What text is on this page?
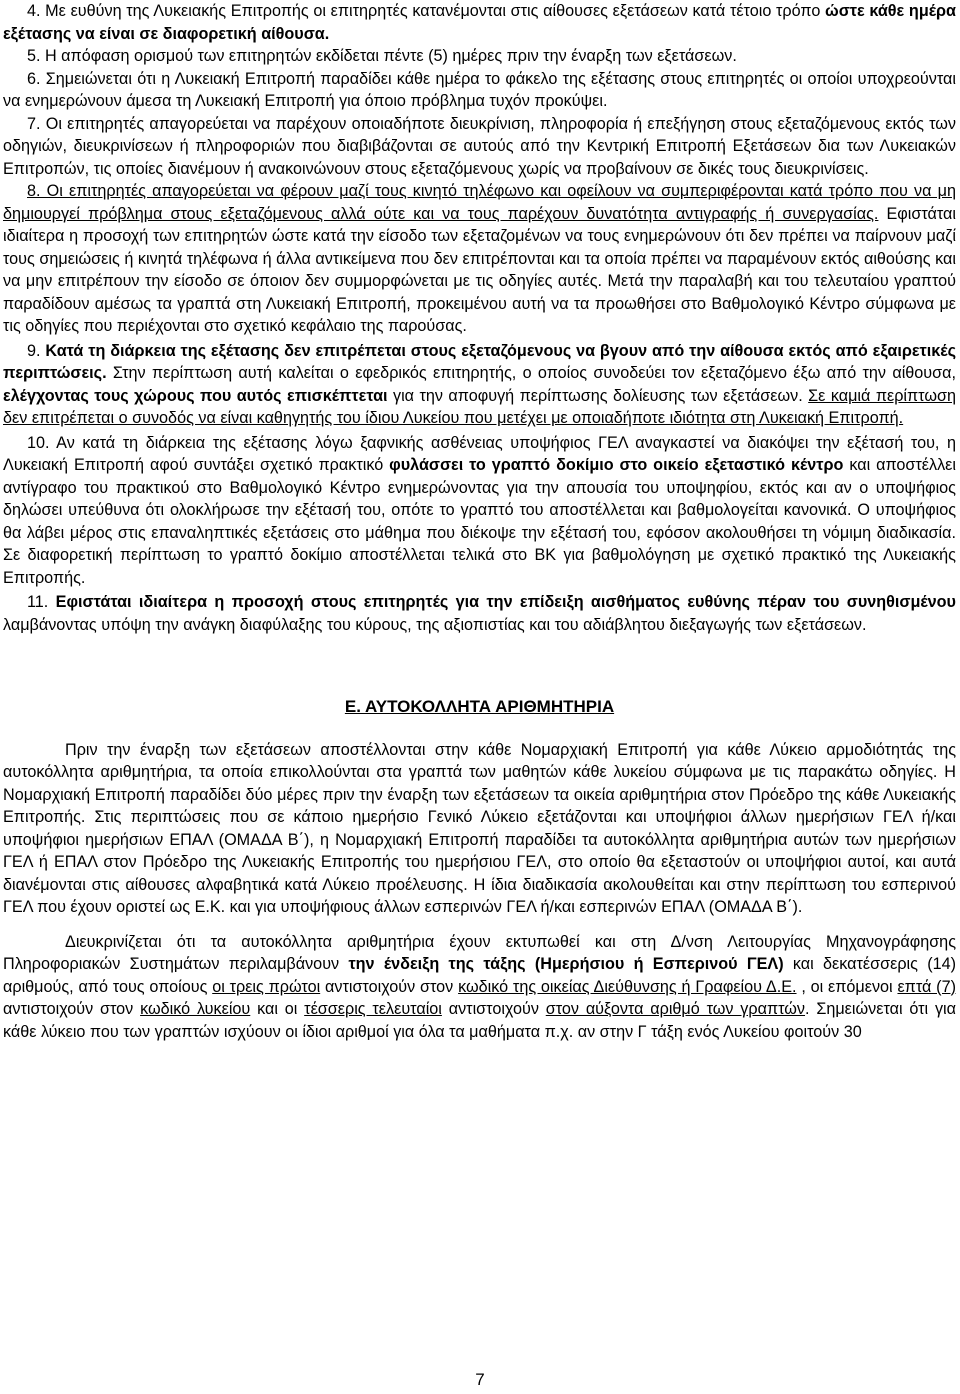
4. Με ευθύνη της Λυκειακής Επιτροπής οι επιτηρητές κατανέμονται στις αίθουσες εξετάσεων κατά τέτοιο τρόπο ώστε κάθε ημέρα εξέτασης να είναι σε διαφορετική αίθουσα.

5. Η απόφαση ορισμού των επιτηρητών εκδίδεται πέντε (5) ημέρες πριν την έναρξη των εξετάσεων.

6. Σημειώνεται ότι η Λυκειακή Επιτροπή παραδίδει κάθε ημέρα το φάκελο της εξέτασης στους επιτηρητές οι οποίοι υποχρεούνται να ενημερώνουν άμεσα τη Λυκειακή Επιτροπή για όποιο πρόβλημα τυχόν προκύψει.

7. Οι επιτηρητές απαγορεύεται να παρέχουν οποιαδήποτε διευκρίνιση, πληροφορία ή επεξήγηση στους εξεταζόμενους εκτός των οδηγιών, διευκρινίσεων ή πληροφοριών που διαβιβάζονται σε αυτούς από την Κεντρική Επιτροπή Εξετάσεων δια των Λυκειακών Επιτροπών, τις οποίες διανέμουν ή ανακοινώνουν στους εξεταζόμενους χωρίς να προβαίνουν σε δικές τους διευκρινίσεις.

8. Οι επιτηρητές απαγορεύεται να φέρουν μαζί τους κινητό τηλέφωνο και οφείλουν να συμπεριφέρονται κατά τρόπο που να μη δημιουργεί πρόβλημα στους εξεταζόμενους αλλά ούτε και να τους παρέχουν δυνατότητα αντιγραφής ή συνεργασίας. Εφιστάται ιδιαίτερα η προσοχή των επιτηρητών ώστε κατά την είσοδο των εξεταζομένων να τους ενημερώνουν ότι δεν πρέπει να παίρνουν μαζί τους σημειώσεις ή κινητά τηλέφωνα ή άλλα αντικείμενα που δεν επιτρέπονται και τα οποία πρέπει να παραμένουν εκτός αιθούσης και να μην επιτρέπουν την είσοδο σε όποιον δεν συμμορφώνεται με τις οδηγίες αυτές. Μετά την παραλαβή και του τελευταίου γραπτού παραδίδουν αμέσως τα γραπτά στη Λυκειακή Επιτροπή, προκειμένου αυτή να τα προωθήσει στο Βαθμολογικό Κέντρο σύμφωνα με τις οδηγίες που περιέχονται στο σχετικό κεφάλαιο της παρούσας.

9. Κατά τη διάρκεια της εξέτασης δεν επιτρέπεται στους εξεταζόμενους να βγουν από την αίθουσα εκτός από εξαιρετικές περιπτώσεις. Στην περίπτωση αυτή καλείται ο εφεδρικός επιτηρητής, ο οποίος συνοδεύει τον εξεταζόμενο έξω από την αίθουσα, ελέγχοντας τους χώρους που αυτός επισκέπτεται για την αποφυγή περίπτωσης δολίευσης των εξετάσεων. Σε καμιά περίπτωση δεν επιτρέπεται ο συνοδός να είναι καθηγητής του ίδιου Λυκείου που μετέχει με οποιαδήποτε ιδιότητα στη Λυκειακή Επιτροπή.

10. Αν κατά τη διάρκεια της εξέτασης λόγω ξαφνικής ασθένειας υποψήφιος ΓΕΛ αναγκαστεί να διακόψει την εξέτασή του, η Λυκειακή Επιτροπή αφού συντάξει σχετικό πρακτικό φυλάσσει το γραπτό δοκίμιο στο οικείο εξεταστικό κέντρο και αποστέλλει αντίγραφο του πρακτικού στο Βαθμολογικό Κέντρο ενημερώνοντας για την απουσία του υποψηφίου, εκτός και αν ο υποψήφιος δηλώσει υπεύθυνα ότι ολοκλήρωσε την εξέτασή του, οπότε το γραπτό του αποστέλλεται και βαθμολογείται κανονικά. Ο υποψήφιος θα λάβει μέρος στις επαναληπτικές εξετάσεις στο μάθημα που διέκοψε την εξέτασή του, εφόσον ακολουθήσει τη νόμιμη διαδικασία. Σε διαφορετική περίπτωση το γραπτό δοκίμιο αποστέλλεται τελικά στο ΒΚ για βαθμολόγηση με σχετικό πρακτικό της Λυκειακής Επιτροπής.

11. Εφιστάται ιδιαίτερα η προσοχή στους επιτηρητές για την επίδειξη αισθήματος ευθύνης πέραν του συνηθισμένου λαμβάνοντας υπόψη την ανάγκη διαφύλαξης του κύρους, της αξιοπιστίας και του αδιάβλητου διεξαγωγής των εξετάσεων.

Ε. ΑΥΤΟΚΟΛΛΗΤΑ ΑΡΙΘΜΗΤΗΡΙΑ

Πριν την έναρξη των εξετάσεων αποστέλλονται στην κάθε Νομαρχιακή Επιτροπή για κάθε Λύκειο αρμοδιότητάς της αυτοκόλλητα αριθμητήρια, τα οποία επικολλούνται στα γραπτά των μαθητών κάθε λυκείου σύμφωνα με τις παρακάτω οδηγίες. Η Νομαρχιακή Επιτροπή παραδίδει δύο μέρες πριν την έναρξη των εξετάσεων τα οικεία αριθμητήρια στον Πρόεδρο της κάθε Λυκειακής Επιτροπής. Στις περιπτώσεις που σε κάποιο ημερήσιο Γενικό Λύκειο εξετάζονται και υποψήφιοι άλλων ημερήσιων ΓΕΛ ή/και υποψήφιοι ημερήσιων ΕΠΑΛ (ΟΜΑΔΑ Β΄), η Νομαρχιακή Επιτροπή παραδίδει τα αυτοκόλλητα αριθμητήρια αυτών των ημερήσιων ΓΕΛ ή ΕΠΑΛ στον Πρόεδρο της Λυκειακής Επιτροπής του ημερήσιου ΓΕΛ, στο οποίο θα εξεταστούν οι υποψήφιοι αυτοί, και αυτά διανέμονται στις αίθουσες αλφαβητικά κατά Λύκειο προέλευσης. Η ίδια διαδικασία ακολουθείται και στην περίπτωση του εσπερινού ΓΕΛ που έχουν οριστεί ως Ε.Κ. και για υποψήφιους άλλων εσπερινών ΓΕΛ ή/και εσπερινών ΕΠΑΛ (ΟΜΑΔΑ Β΄).

Διευκρινίζεται ότι τα αυτοκόλλητα αριθμητήρια έχουν εκτυπωθεί και στη Δ/νση Λειτουργίας Μηχανογράφησης Πληροφοριακών Συστημάτων περιλαμβάνουν την ένδειξη της τάξης (Ημερήσιου ή Εσπερινού ΓΕΛ) και δεκατέσσερις (14) αριθμούς, από τους οποίους οι τρεις πρώτοι αντιστοιχούν στον κωδικό της οικείας Διεύθυνσης ή Γραφείου Δ.Ε. , οι επόμενοι επτά (7) αντιστοιχούν στον κωδικό λυκείου και οι τέσσερις τελευταίοι αντιστοιχούν στον αύξοντα αριθμό των γραπτών. Σημειώνεται ότι για κάθε λύκειο που των γραπτών ισχύουν οι ίδιοι αριθμοί για όλα τα μαθήματα π.χ. αν στην Γ τάξη ενός Λυκείου φοιτούν 30

7
